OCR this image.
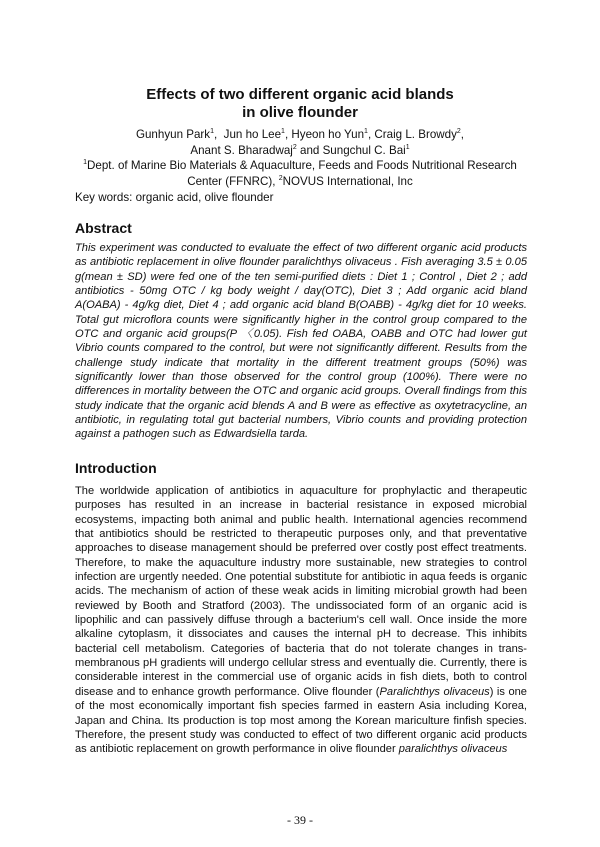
Effects of two different organic acid blands
in olive flounder
Gunhyun Park$^1$,  Jun ho Lee$^1$, Hyeon ho Yun$^1$, Craig L. Browdy$^2$,
Anant S. Bharadwaj$^2$ and Sungchul C. Bai$^1$
$^1$Dept. of Marine Bio Materials & Aquaculture, Feeds and Foods Nutritional Research
Center (FFNRC), $^2$NOVUS International, Inc
Key words: organic acid, olive flounder
Abstract
This experiment was conducted to evaluate the effect of two different organic acid products as antibiotic replacement in olive flounder paralichthys olivaceus . Fish averaging 3.5 ± 0.05 g(mean ± SD) were fed one of the ten semi-purified diets : Diet 1 ; Control , Diet 2 ; add antibiotics - 50mg OTC / kg body weight / day(OTC), Diet 3 ; Add organic acid bland A(OABA) - 4g/kg diet, Diet 4 ; add organic acid bland B(OABB) - 4g/kg diet for 10 weeks. Total gut microflora counts were significantly higher in the control group compared to the OTC and organic acid groups(P 〈0.05). Fish fed OABA, OABB and OTC had lower gut Vibrio counts compared to the control, but were not significantly different. Results from the challenge study indicate that mortality in the different treatment groups (50%) was significantly lower than those observed for the control group (100%). There were no differences in mortality between the OTC and organic acid groups. Overall findings from this study indicate that the organic acid blends A and B were as effective as oxytetracycline, an antibiotic, in regulating total gut bacterial numbers, Vibrio counts and providing protection against a pathogen such as Edwardsiella tarda.
Introduction
The worldwide application of antibiotics in aquaculture for prophylactic and therapeutic purposes has resulted in an increase in bacterial resistance in exposed microbial ecosystems, impacting both animal and public health. International agencies recommend that antibiotics should be restricted to therapeutic purposes only, and that preventative approaches to disease management should be preferred over costly post effect treatments. Therefore, to make the aquaculture industry more sustainable, new strategies to control infection are urgently needed. One potential substitute for antibiotic in aqua feeds is organic acids. The mechanism of action of these weak acids in limiting microbial growth had been reviewed by Booth and Stratford (2003). The undissociated form of an organic acid is lipophilic and can passively diffuse through a bacterium's cell wall. Once inside the more alkaline cytoplasm, it dissociates and causes the internal pH to decrease. This inhibits bacterial cell metabolism. Categories of bacteria that do not tolerate changes in trans-membranous pH gradients will undergo cellular stress and eventually die. Currently, there is considerable interest in the commercial use of organic acids in fish diets, both to control disease and to enhance growth performance. Olive flounder (Paralichthys olivaceus) is one of the most economically important fish species farmed in eastern Asia including Korea, Japan and China. Its production is top most among the Korean mariculture finfish species. Therefore, the present study was conducted to effect of two different organic acid products as antibiotic replacement on growth performance in olive flounder paralichthys olivaceus
- 39 -
